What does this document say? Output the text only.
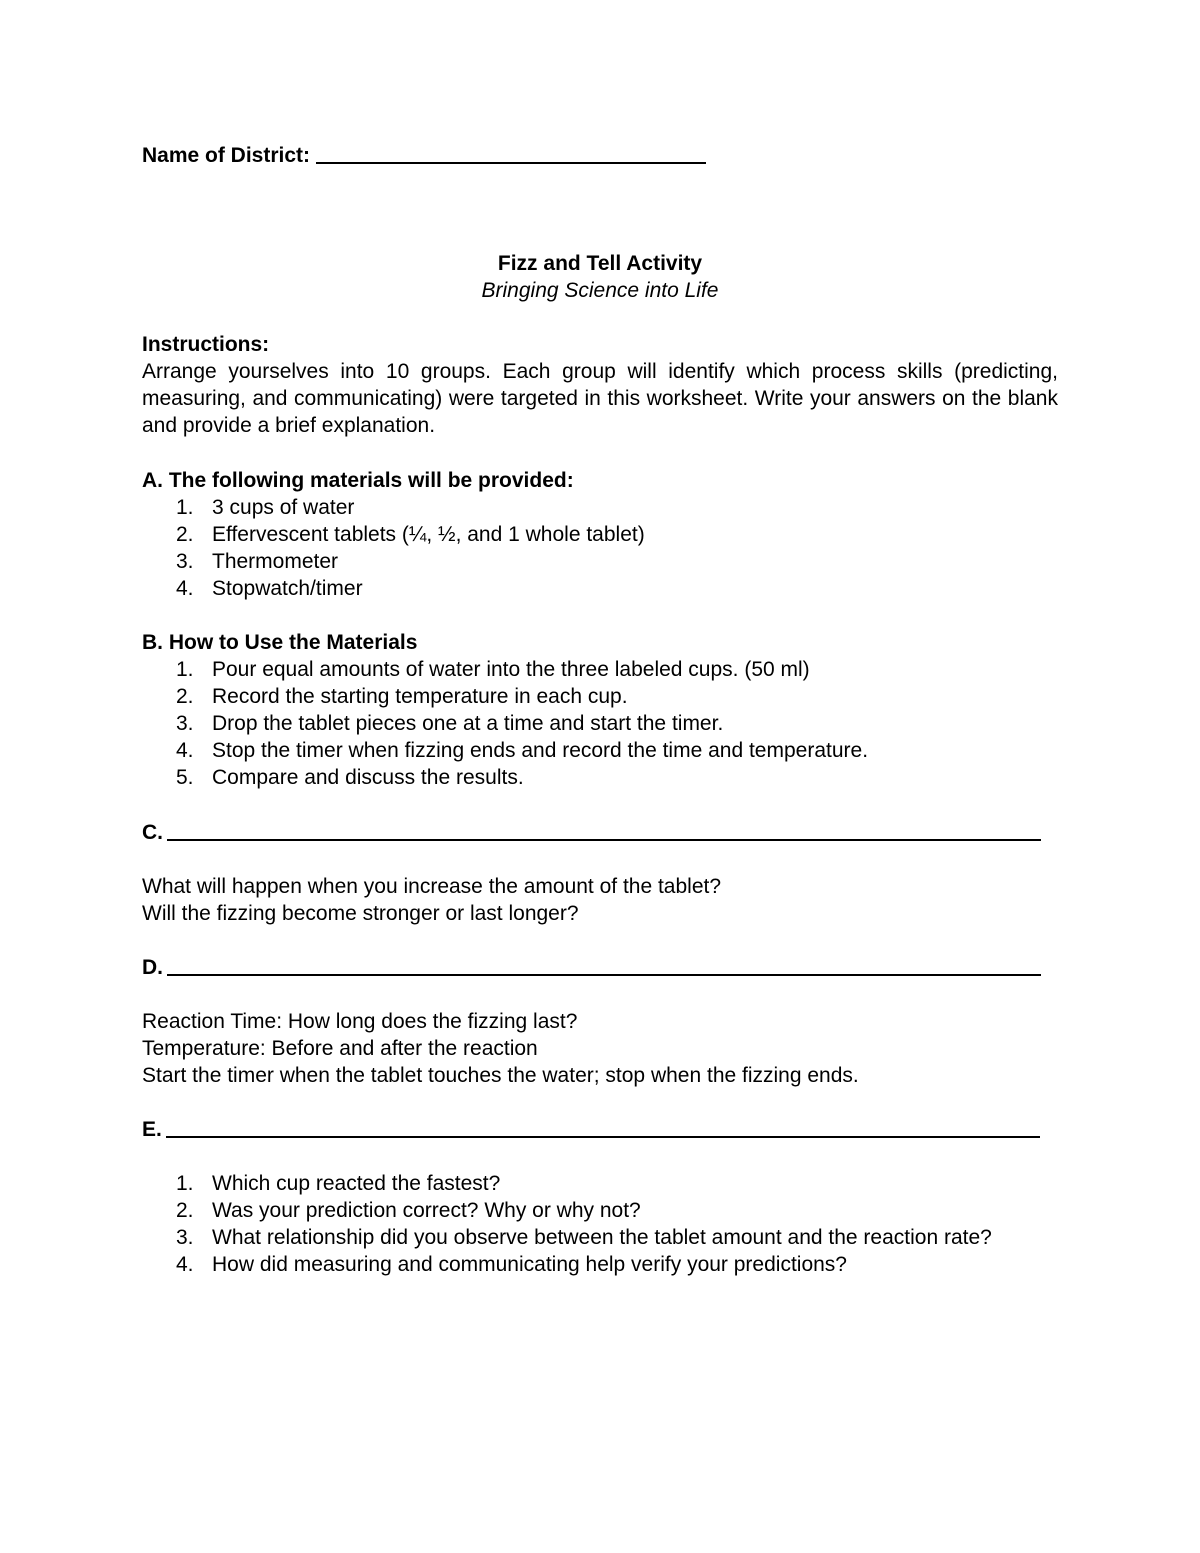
Name of District:
Fizz and Tell Activity
Bringing Science into Life
Instructions:
Arrange yourselves into 10 groups. Each group will identify which process skills (predicting, measuring, and communicating) were targeted in this worksheet. Write your answers on the blank and provide a brief explanation.
A. The following materials will be provided:
1. 3 cups of water
2. Effervescent tablets (¼, ½, and 1 whole tablet)
3. Thermometer
4. Stopwatch/timer
B. How to Use the Materials
1. Pour equal amounts of water into the three labeled cups. (50 ml)
2. Record the starting temperature in each cup.
3. Drop the tablet pieces one at a time and start the timer.
4. Stop the timer when fizzing ends and record the time and temperature.
5. Compare and discuss the results.
C.
What will happen when you increase the amount of the tablet?
Will the fizzing become stronger or last longer?
D.
Reaction Time: How long does the fizzing last?
Temperature: Before and after the reaction
Start the timer when the tablet touches the water; stop when the fizzing ends.
E.
1. Which cup reacted the fastest?
2. Was your prediction correct? Why or why not?
3. What relationship did you observe between the tablet amount and the reaction rate?
4. How did measuring and communicating help verify your predictions?
